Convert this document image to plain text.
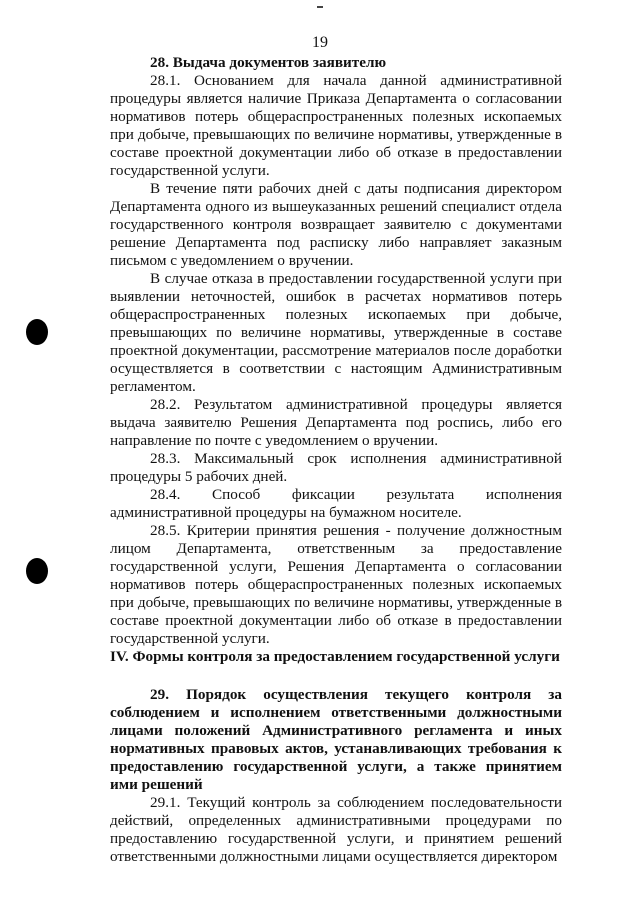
19

28. Выдача документов заявителю

28.1. Основанием для начала данной административной процедуры является наличие Приказа Департамента о согласовании нормативов потерь общераспространенных полезных ископаемых при добыче, превышающих по величине нормативы, утвержденные в составе проектной документации либо об отказе в предоставлении государственной услуги.

В течение пяти рабочих дней с даты подписания директором Департамента одного из вышеуказанных решений специалист отдела государственного контроля возвращает заявителю с документами решение Департамента под расписку либо направляет заказным письмом с уведомлением о вручении.

В случае отказа в предоставлении государственной услуги при выявлении неточностей, ошибок в расчетах нормативов потерь общераспространенных полезных ископаемых при добыче, превышающих по величине нормативы, утвержденные в составе проектной документации, рассмотрение материалов после доработки осуществляется в соответствии с настоящим Административным регламентом.

28.2. Результатом административной процедуры является выдача заявителю Решения Департамента под роспись, либо его направление по почте с уведомлением о вручении.

28.3. Максимальный срок исполнения административной процедуры 5 рабочих дней.

28.4. Способ фиксации результата исполнения административной процедуры на бумажном носителе.

28.5. Критерии принятия решения - получение должностным лицом Департамента, ответственным за предоставление государственной услуги, Решения Департамента о согласовании нормативов потерь общераспространенных полезных ископаемых при добыче, превышающих по величине нормативы, утвержденные в составе проектной документации либо об отказе в предоставлении государственной услуги.

IV. Формы контроля за предоставлением государственной услуги

29. Порядок осуществления текущего контроля за соблюдением и исполнением ответственными должностными лицами положений Административного регламента и иных нормативных правовых актов, устанавливающих требования к предоставлению государственной услуги, а также принятием ими решений

29.1. Текущий контроль за соблюдением последовательности действий, определенных административными процедурами по предоставлению государственной услуги, и принятием решений ответственными должностными лицами осуществляется директором
